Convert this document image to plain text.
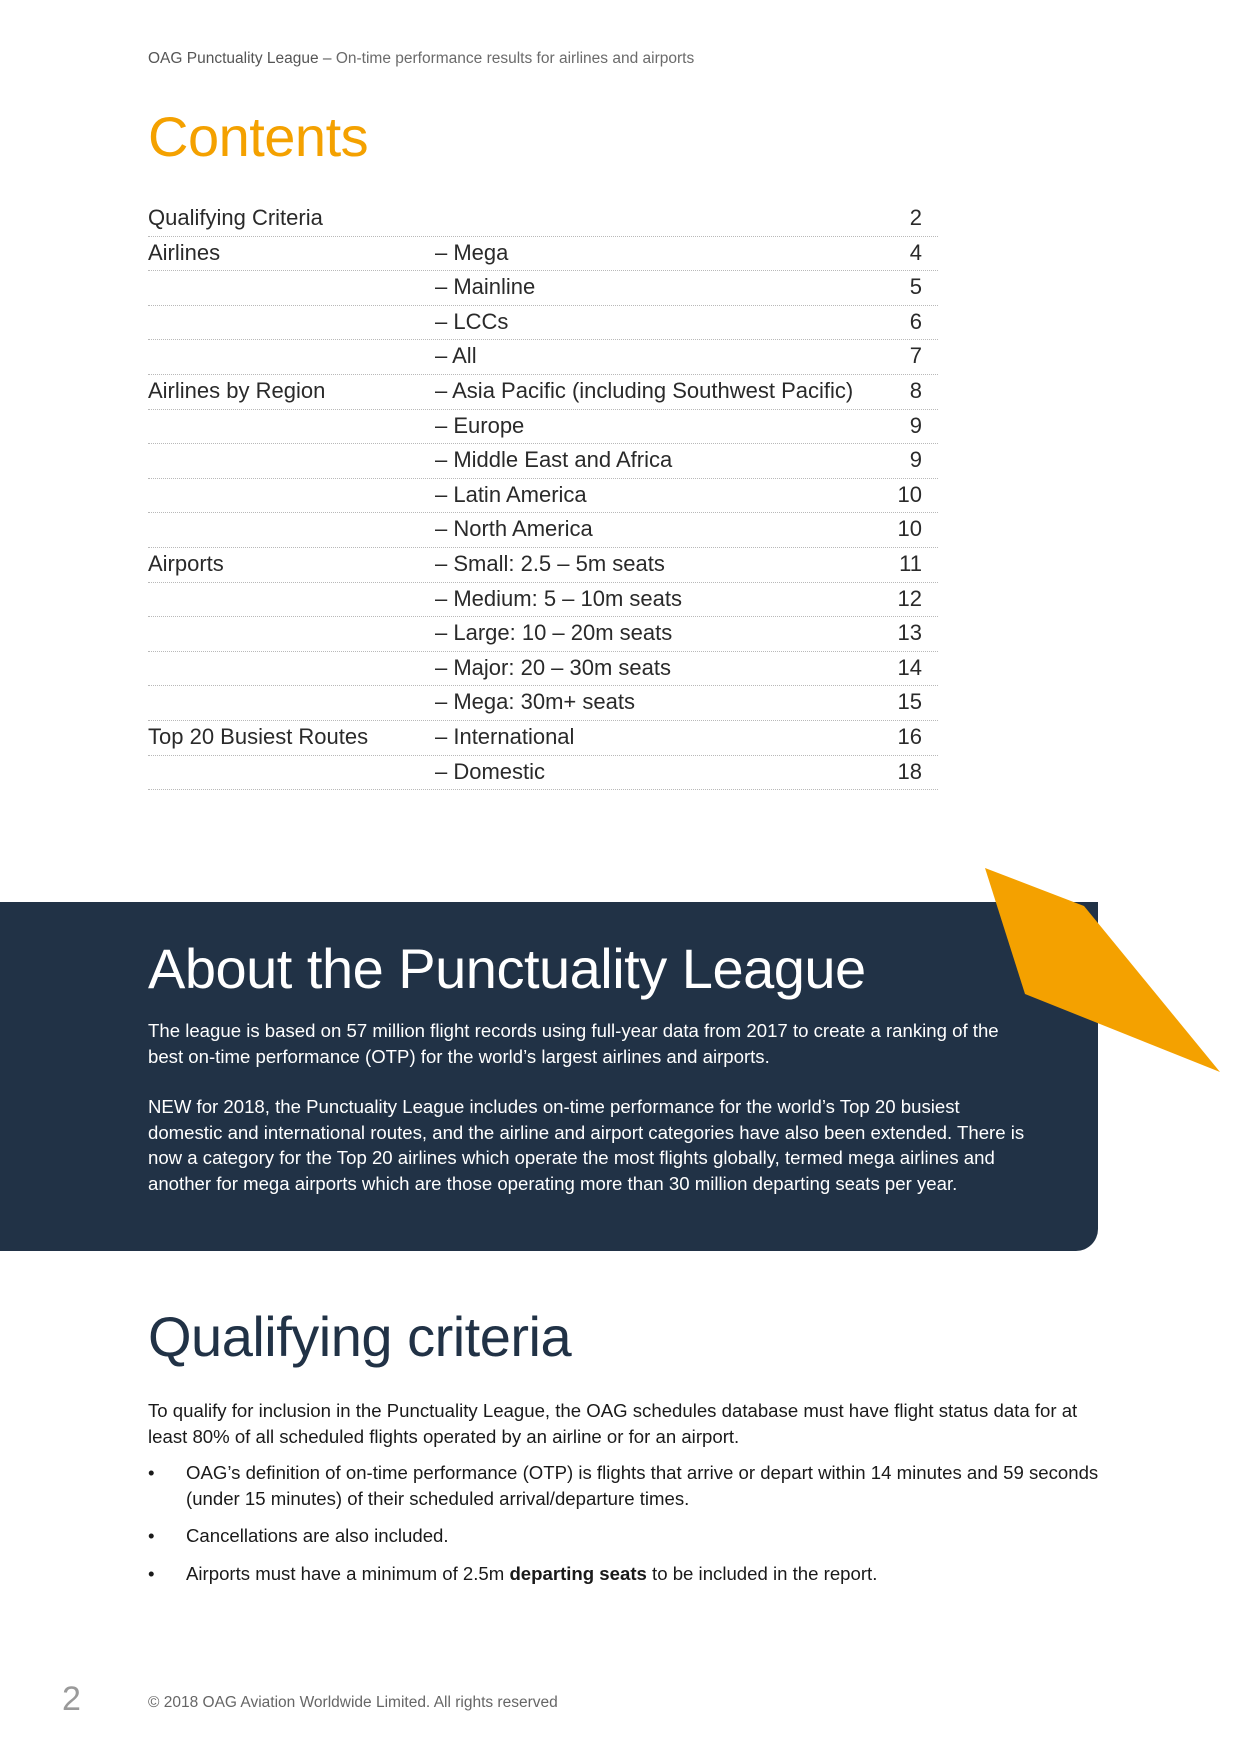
OAG Punctuality League – On-time performance results for airlines and airports
Contents
Qualifying Criteria	2
Airlines	– Mega	4
– Mainline	5
– LCCs	6
– All	7
Airlines by Region	– Asia Pacific (including Southwest Pacific)	8
– Europe	9
– Middle East and Africa	9
– Latin America	10
– North America	10
Airports	– Small: 2.5 – 5m seats	11
– Medium: 5 – 10m seats	12
– Large: 10 – 20m seats	13
– Major: 20 – 30m seats	14
– Mega: 30m+ seats	15
Top 20 Busiest Routes	– International	16
– Domestic	18
About the Punctuality League

The league is based on 57 million flight records using full-year data from 2017 to create a ranking of the best on-time performance (OTP) for the world’s largest airlines and airports.

NEW for 2018, the Punctuality League includes on-time performance for the world’s Top 20 busiest domestic and international routes, and the airline and airport categories have also been extended. There is now a category for the Top 20 airlines which operate the most flights globally, termed mega airlines and another for mega airports which are those operating more than 30 million departing seats per year.

Qualifying criteria

To qualify for inclusion in the Punctuality League, the OAG schedules database must have flight status data for at least 80% of all scheduled flights operated by an airline or for an airport.

• OAG’s definition of on-time performance (OTP) is flights that arrive or depart within 14 minutes and 59 seconds (under 15 minutes) of their scheduled arrival/departure times.
• Cancellations are also included.
• Airports must have a minimum of 2.5m departing seats to be included in the report.
2	© 2018 OAG Aviation Worldwide Limited. All rights reserved
